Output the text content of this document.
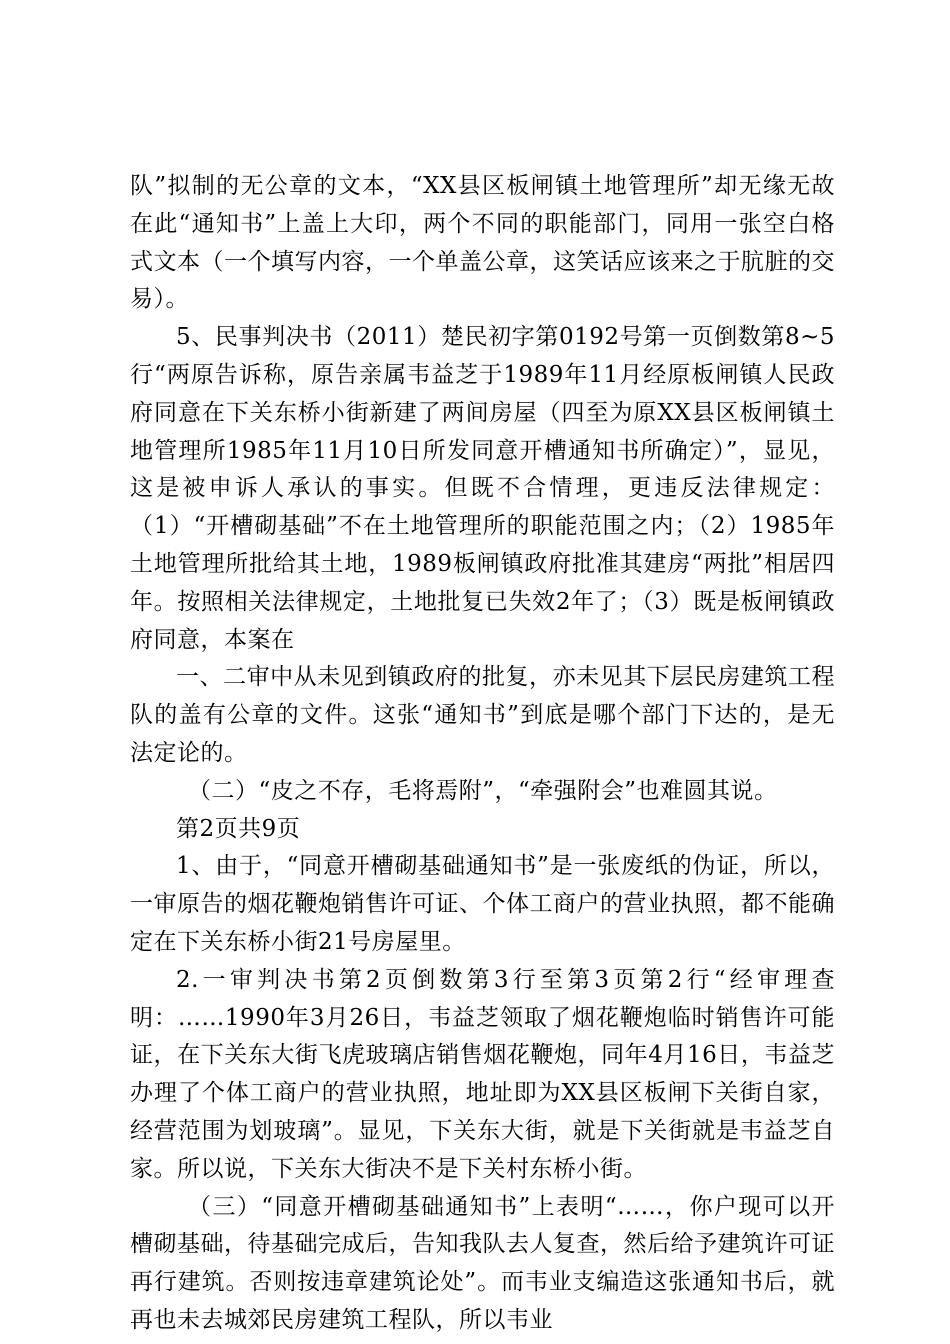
队”拟制的无公章的文本，“XX县区板闸镇土地管理所”却无缘无故在此“通知书”上盖上大印，两个不同的职能部门，同用一张空白格式文本（一个填写内容，一个单盖公章，这笑话应该来之于肮脏的交易）。

5、民事判决书（2011）楚民初字第0192号第一页倒数第8~5行“两原告诉称，原告亲属韦益芝于1989年11月经原板闸镇人民政府同意在下关东桥小街新建了两间房屋（四至为原XX县区板闸镇土地管理所1985年11月10日所发同意开槽通知书所确定）”，显见，这是被申诉人承认的事实。但既不合情理，更违反法律规定：（1）“开槽砌基础”不在土地管理所的职能范围之内；（2）1985年土地管理所批给其土地，1989板闸镇政府批准其建房“两批”相居四年。按照相关法律规定，土地批复已失效2年了；（3）既是板闸镇政府同意，本案在

一、二审中从未见到镇政府的批复，亦未见其下层民房建筑工程队的盖有公章的文件。这张“通知书”到底是哪个部门下达的，是无法定论的。

（二）“皮之不存，毛将焉附”，“牵强附会”也难圆其说。

第2页共9页

1、由于，“同意开槽砌基础通知书”是一张废纸的伪证，所以，一审原告的烟花鞭炮销售许可证、个体工商户的营业执照，都不能确定在下关东桥小街21号房屋里。

2.一审判决书第2页倒数第3行至第3页第2行“经审理查明：……1990年3月26日，韦益芝领取了烟花鞭炮临时销售许可能证，在下关东大街飞虎玻璃店销售烟花鞭炮，同年4月16日，韦益芝办理了个体工商户的营业执照，地址即为XX县区板闸下关街自家，经营范围为划玻璃”。显见，下关东大街，就是下关街就是韦益芝自家。所以说，下关东大街决不是下关村东桥小街。

（三）“同意开槽砌基础通知书”上表明“……，你户现可以开槽砌基础，待基础完成后，告知我队去人复查，然后给予建筑许可证再行建筑。否则按违章建筑论处”。而韦业支编造这张通知书后，就再也未去城郊民房建筑工程队，所以韦业
